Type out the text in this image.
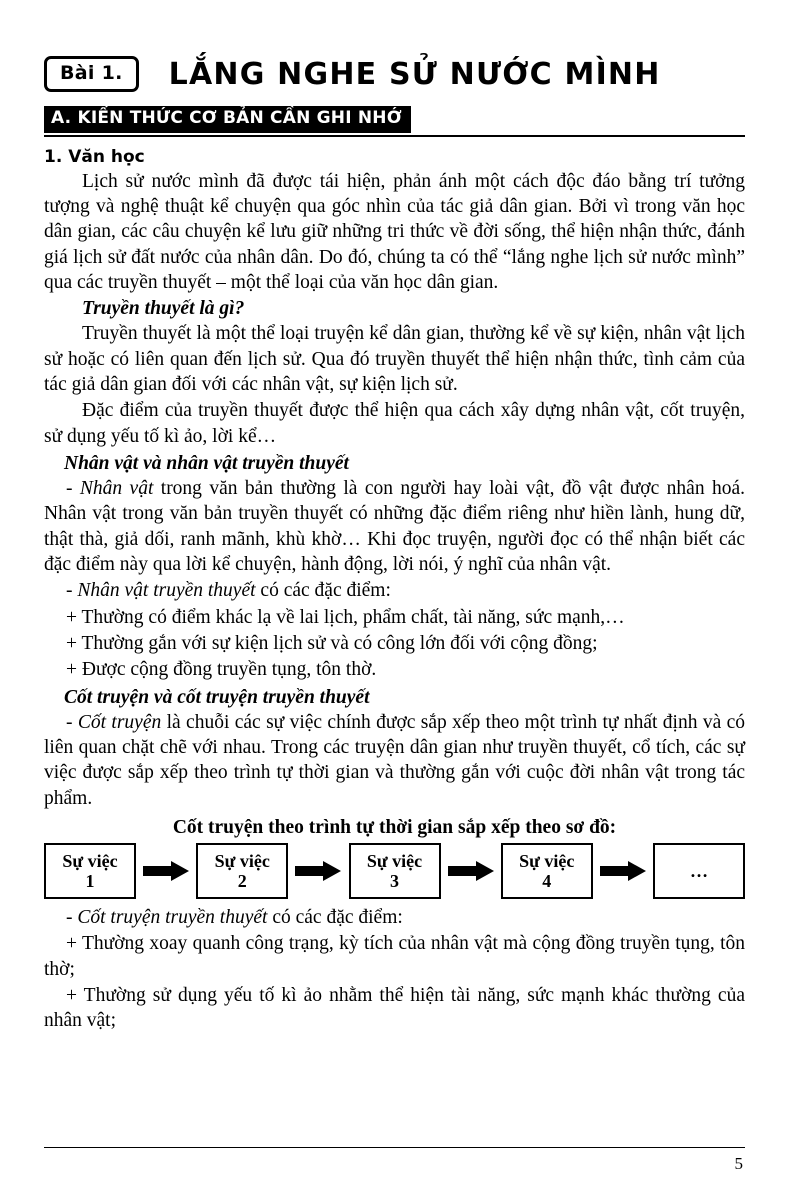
Bài 1.	LẮNG NGHE SỬ NƯỚC MÌNH
A. KIẾN THỨC CƠ BẢN CẦN GHI NHỚ
1. Văn học

Lịch sử nước mình đã được tái hiện, phản ánh một cách độc đáo bằng trí tưởng tượng và nghệ thuật kể chuyện qua góc nhìn của tác giả dân gian. Bởi vì trong văn học dân gian, các câu chuyện kể lưu giữ những tri thức về đời sống, thể hiện nhận thức, đánh giá lịch sử đất nước của nhân dân. Do đó, chúng ta có thể “lắng nghe lịch sử nước mình” qua các truyền thuyết – một thể loại của văn học dân gian.

Truyền thuyết là gì?

Truyền thuyết là một thể loại truyện kể dân gian, thường kể về sự kiện, nhân vật lịch sử hoặc có liên quan đến lịch sử. Qua đó truyền thuyết thể hiện nhận thức, tình cảm của tác giả dân gian đối với các nhân vật, sự kiện lịch sử.

Đặc điểm của truyền thuyết được thể hiện qua cách xây dựng nhân vật, cốt truyện, sử dụng yếu tố kì ảo, lời kể…

Nhân vật và nhân vật truyền thuyết

- Nhân vật trong văn bản thường là con người hay loài vật, đồ vật được nhân hoá. Nhân vật trong văn bản truyền thuyết có những đặc điểm riêng như hiền lành, hung dữ, thật thà, giả dối, ranh mãnh, khù khờ… Khi đọc truyện, người đọc có thể nhận biết các đặc điểm này qua lời kể chuyện, hành động, lời nói, ý nghĩ của nhân vật.

- Nhân vật truyền thuyết có các đặc điểm:

+ Thường có điểm khác lạ về lai lịch, phẩm chất, tài năng, sức mạnh,…

+ Thường gắn với sự kiện lịch sử và có công lớn đối với cộng đồng;

+ Được cộng đồng truyền tụng, tôn thờ.

Cốt truyện và cốt truyện truyền thuyết

- Cốt truyện là chuỗi các sự việc chính được sắp xếp theo một trình tự nhất định và có liên quan chặt chẽ với nhau. Trong các truyện dân gian như truyền thuyết, cổ tích, các sự việc được sắp xếp theo trình tự thời gian và thường gắn với cuộc đời nhân vật trong tác phẩm.

Cốt truyện theo trình tự thời gian sắp xếp theo sơ đồ:
Sự việc
1
Sự việc
2
Sự việc
3
Sự việc
4
…

- Cốt truyện truyền thuyết có các đặc điểm:

+ Thường xoay quanh công trạng, kỳ tích của nhân vật mà cộng đồng truyền tụng, tôn thờ;

+ Thường sử dụng yếu tố kì ảo nhằm thể hiện tài năng, sức mạnh khác thường của nhân vật;

5
